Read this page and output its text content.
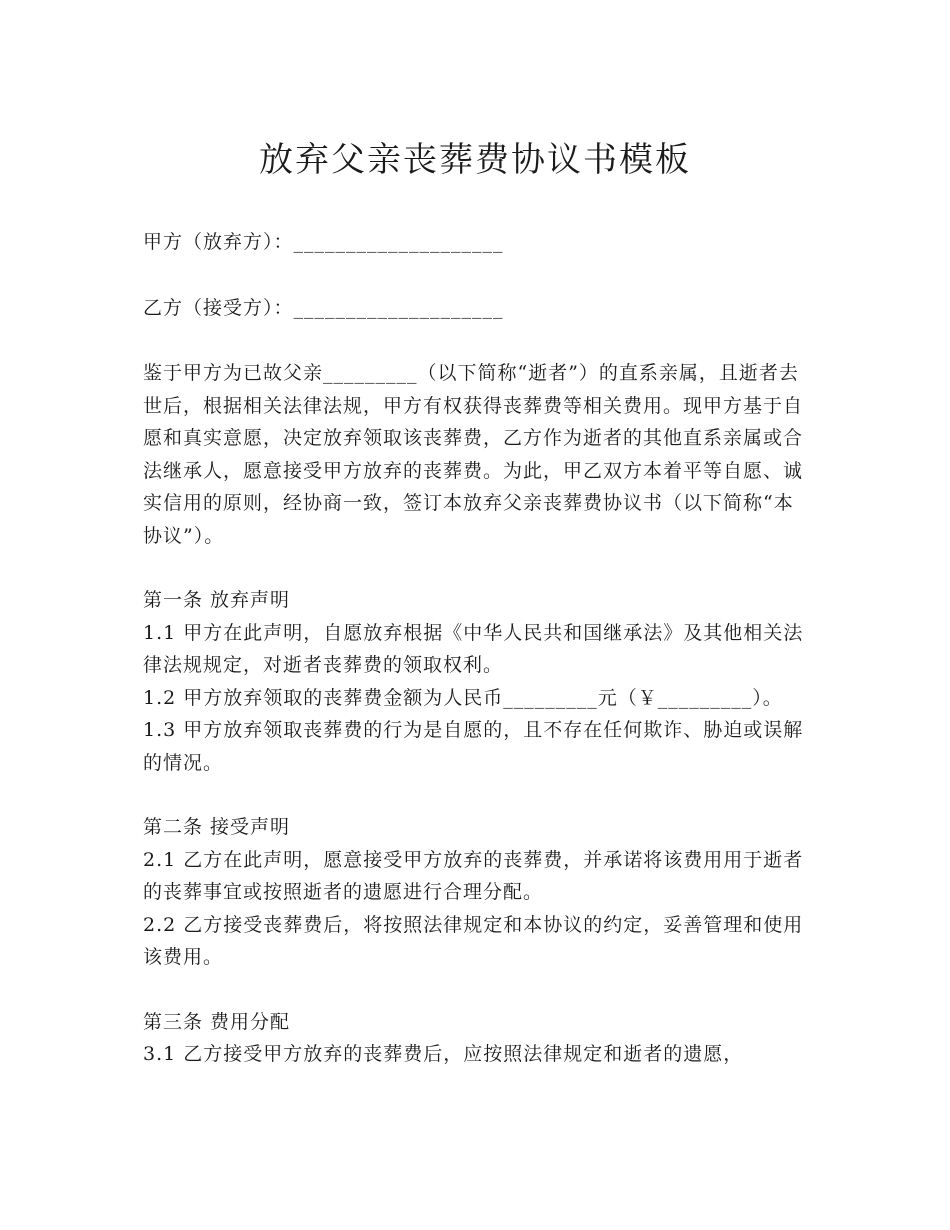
放弃父亲丧葬费协议书模板

甲方（放弃方）：____________________

乙方（接受方）：____________________

鉴于甲方为已故父亲_________（以下简称“逝者”）的直系亲属，且逝者去世后，根据相关法律法规，甲方有权获得丧葬费等相关费用。现甲方基于自愿和真实意愿，决定放弃领取该丧葬费，乙方作为逝者的其他直系亲属或合法继承人，愿意接受甲方放弃的丧葬费。为此，甲乙双方本着平等自愿、诚实信用的原则，经协商一致，签订本放弃父亲丧葬费协议书（以下简称“本协议”）。

第一条 放弃声明

1.1 甲方在此声明，自愿放弃根据《中华人民共和国继承法》及其他相关法律法规规定，对逝者丧葬费的领取权利。

1.2 甲方放弃领取的丧葬费金额为人民币_________元（￥_________）。

1.3 甲方放弃领取丧葬费的行为是自愿的，且不存在任何欺诈、胁迫或误解的情况。

第二条 接受声明

2.1 乙方在此声明，愿意接受甲方放弃的丧葬费，并承诺将该费用用于逝者的丧葬事宜或按照逝者的遗愿进行合理分配。

2.2 乙方接受丧葬费后，将按照法律规定和本协议的约定，妥善管理和使用该费用。

第三条 费用分配

3.1 乙方接受甲方放弃的丧葬费后，应按照法律规定和逝者的遗愿，
